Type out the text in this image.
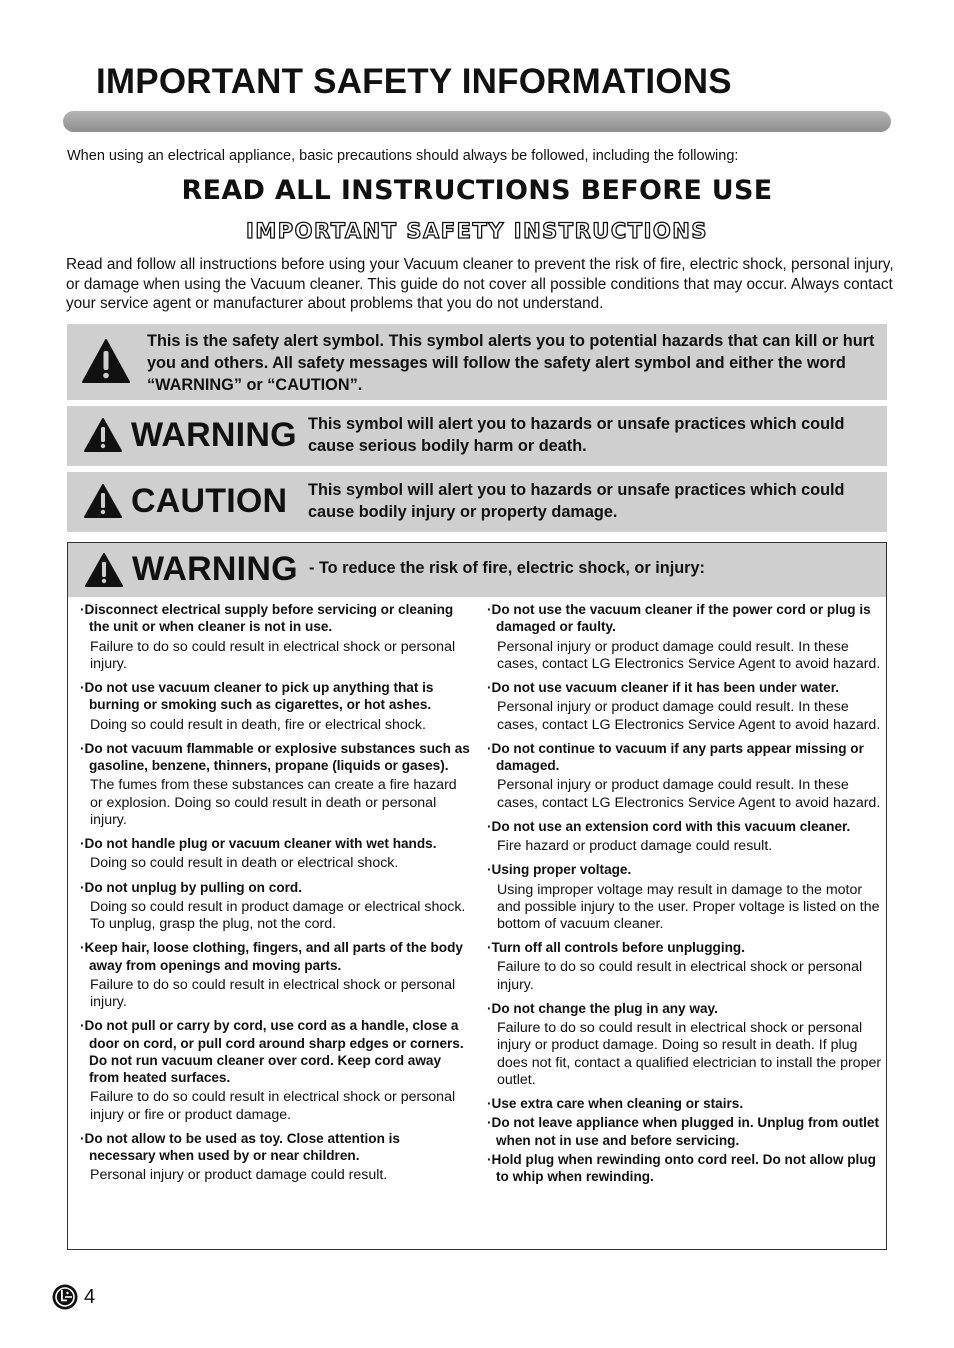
IMPORTANT SAFETY INFORMATIONS
When using an electrical appliance, basic precautions should always be followed, including the following:
READ ALL INSTRUCTIONS BEFORE USE
IMPORTANT SAFETY INSTRUCTIONS
Read and follow all instructions before using your Vacuum cleaner to prevent the risk of fire, electric shock, personal injury, or damage when using the Vacuum cleaner. This guide do not cover all possible conditions that may occur. Always contact your service agent or manufacturer about problems that you do not understand.
This is the safety alert symbol. This symbol alerts you to potential hazards that can kill or hurt you and others. All safety messages will follow the safety alert symbol and either the word “WARNING” or “CAUTION”.
WARNING This symbol will alert you to hazards or unsafe practices which could cause serious bodily harm or death.
CAUTION This symbol will alert you to hazards or unsafe practices which could cause bodily injury or property damage.
WARNING - To reduce the risk of fire, electric shock, or injury:
· Disconnect electrical supply before servicing or cleaning the unit or when cleaner is not in use.
Failure to do so could result in electrical shock or personal injury.
· Do not use vacuum cleaner to pick up anything that is burning or smoking such as cigarettes, or hot ashes.
Doing so could result in death, fire or electrical shock.
· Do not vacuum flammable or explosive substances such as gasoline, benzene, thinners, propane (liquids or gases).
The fumes from these substances can create a fire hazard or explosion. Doing so could result in death or personal injury.
· Do not handle plug or vacuum cleaner with wet hands.
Doing so could result in death or electrical shock.
· Do not unplug by pulling on cord.
Doing so could result in product damage or electrical shock. To unplug, grasp the plug, not the cord.
· Keep hair, loose clothing, fingers, and all parts of the body away from openings and moving parts.
Failure to do so could result in electrical shock or personal injury.
· Do not pull or carry by cord, use cord as a handle, close a door on cord, or pull cord around sharp edges or corners. Do not run vacuum cleaner over cord. Keep cord away from heated surfaces.
Failure to do so could result in electrical shock or personal injury or fire or product damage.
· Do not allow to be used as toy. Close attention is necessary when used by or near children.
Personal injury or product damage could result.
· Do not use the vacuum cleaner if the power cord or plug is damaged or faulty.
Personal injury or product damage could result. In these cases, contact LG Electronics Service Agent to avoid hazard.
· Do not use vacuum cleaner if it has been under water.
Personal injury or product damage could result. In these cases, contact LG Electronics Service Agent to avoid hazard.
· Do not continue to vacuum if any parts appear missing or damaged.
Personal injury or product damage could result. In these cases, contact LG Electronics Service Agent to avoid hazard.
· Do not use an extension cord with this vacuum cleaner.
Fire hazard or product damage could result.
· Using proper voltage.
Using improper voltage may result in damage to the motor and possible injury to the user. Proper voltage is listed on the bottom of vacuum cleaner.
· Turn off all controls before unplugging.
Failure to do so could result in electrical shock or personal injury.
· Do not change the plug in any way.
Failure to do so could result in electrical shock or personal injury or product damage. Doing so result in death. If plug does not fit, contact a qualified electrician to install the proper outlet.
· Use extra care when cleaning or stairs.
· Do not leave appliance when plugged in. Unplug from outlet when not in use and before servicing.
· Hold plug when rewinding onto cord reel. Do not allow plug to whip when rewinding.
4
